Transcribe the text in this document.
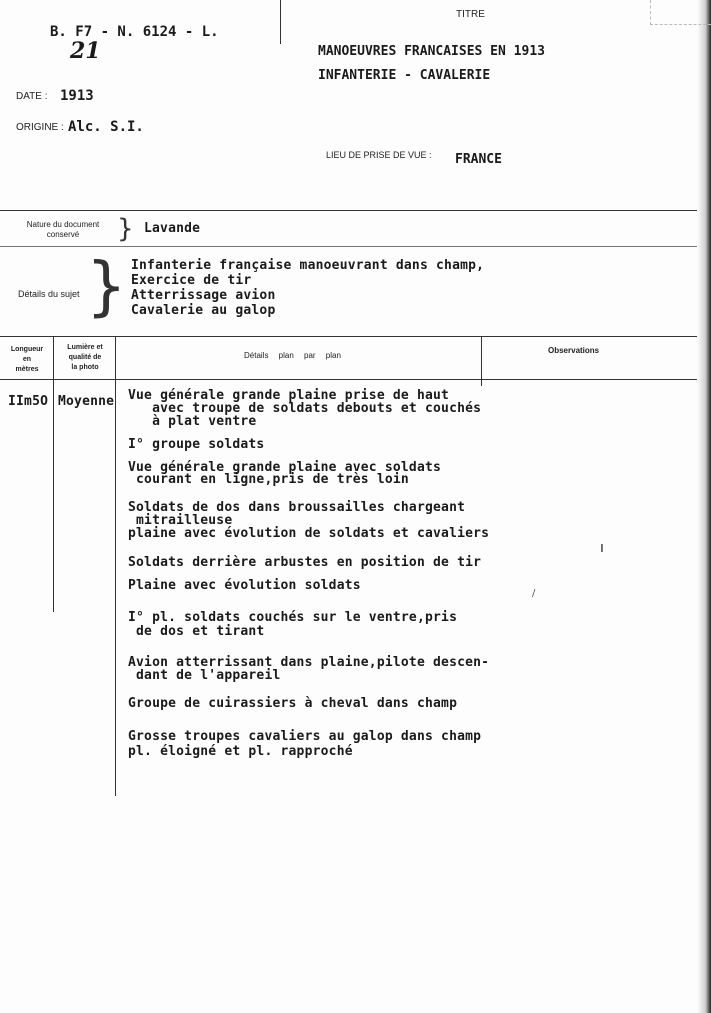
B. F7 - N. 6124 - L.
21
TITRE
MANOEUVRES FRANCAISES EN 1913
INFANTERIE - CAVALERIE
DATE : 1913
ORIGINE : Alc. S.I.
LIEU DE PRISE DE VUE : FRANCE
Nature du document
conservé	} Lavande
Détails du sujet } Infanterie française manoeuvrant dans champ,
Exercice de tir
Atterrissage avion
Cavalerie au galop
Longueur
en
mètres
Lumière et
qualité de
la photo
Détails plan par plan
Observations
IIm5O Moyenne Vue générale grande plaine prise de haut
avec troupe de soldats debouts et couchés
à plat ventre
I° groupe soldats
Vue générale grande plaine avec soldats
courant en ligne,pris de très loin
Soldats de dos dans broussailles chargeant
mitrailleuse
plaine avec évolution de soldats et cavaliers
Soldats derrière arbustes en position de tir
Plaine avec évolution soldats
I° pl. soldats couchés sur le ventre,pris
de dos et tirant
Avion atterrissant dans plaine,pilote descen-
dant de l'appareil
Groupe de cuirassiers à cheval dans champ
Grosse troupes cavaliers au galop dans champ
pl. éloigné et pl. rapproché
ı
/
